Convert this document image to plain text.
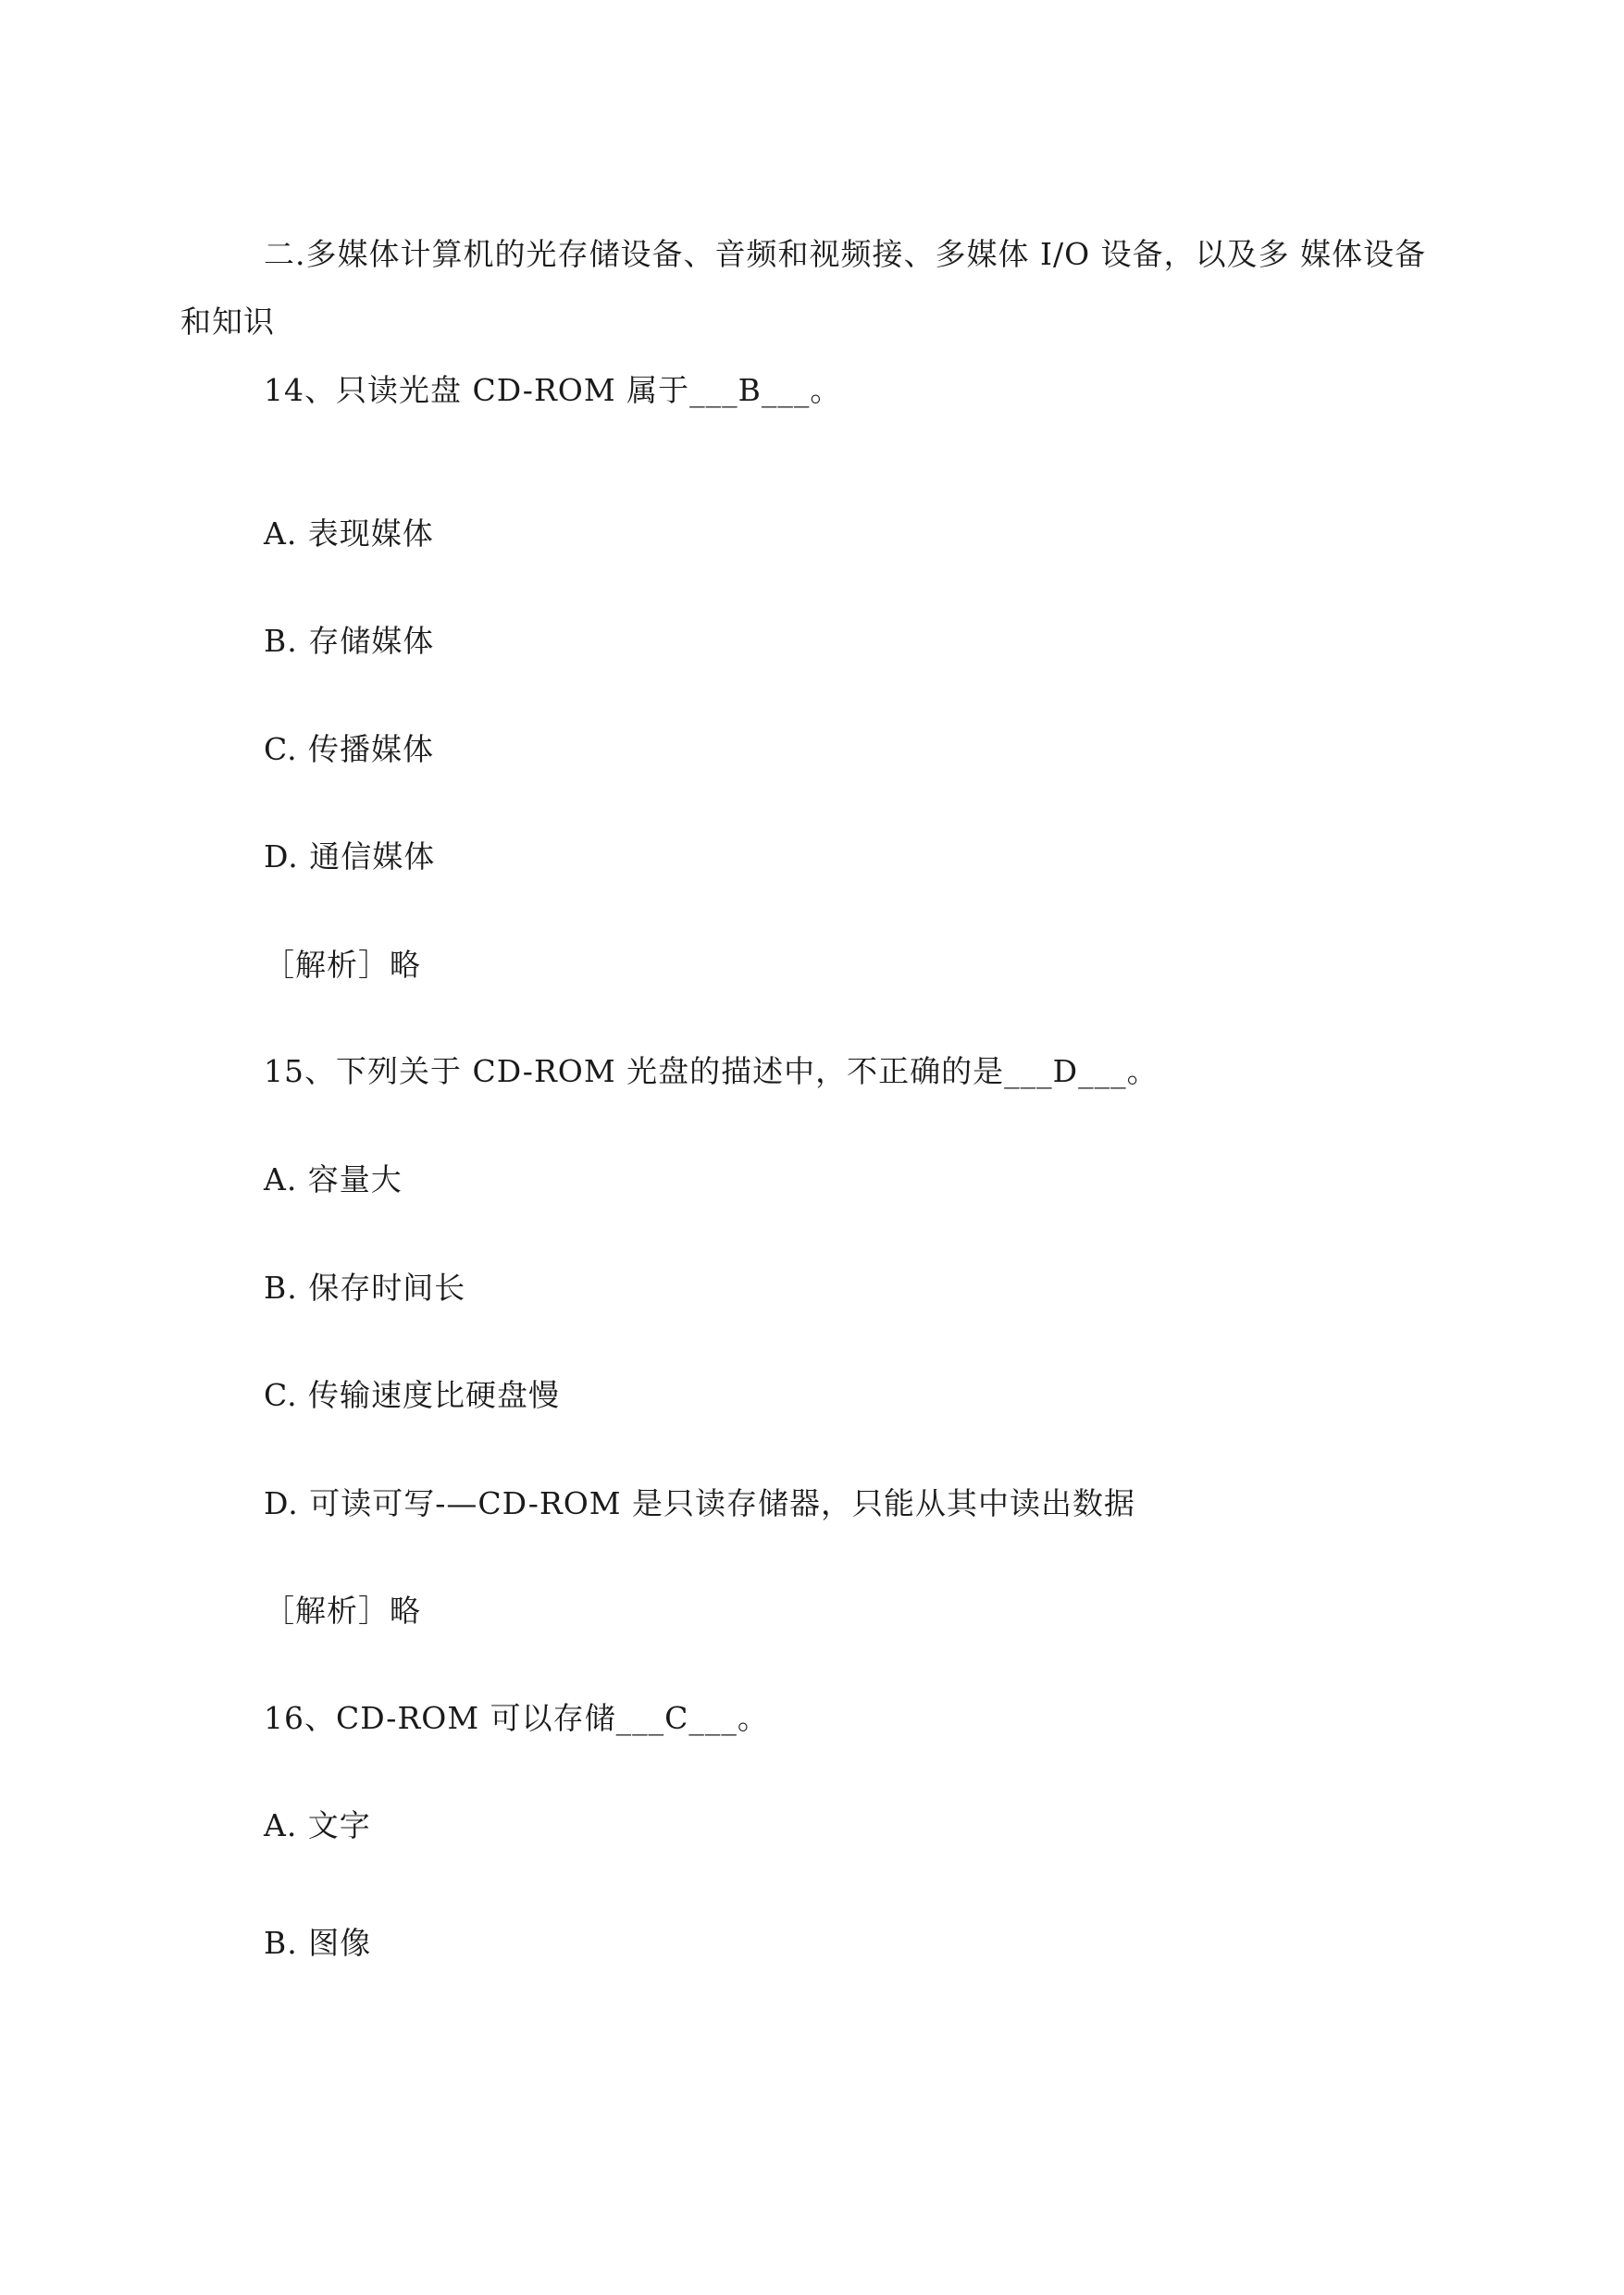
二.多媒体计算机的光存储设备、音频和视频接、多媒体 I/O 设备，以及多 媒体设备和知识
14、只读光盘 CD-ROM 属于___B___。
A. 表现媒体
B. 存储媒体
C. 传播媒体
D. 通信媒体
［解析］略
15、下列关于 CD-ROM 光盘的描述中，不正确的是___D___。
A. 容量大
B. 保存时间长
C. 传输速度比硬盘慢
D. 可读可写-—CD-ROM 是只读存储器，只能从其中读出数据
［解析］略
16、CD-ROM 可以存储___C___。
A. 文字
B. 图像
